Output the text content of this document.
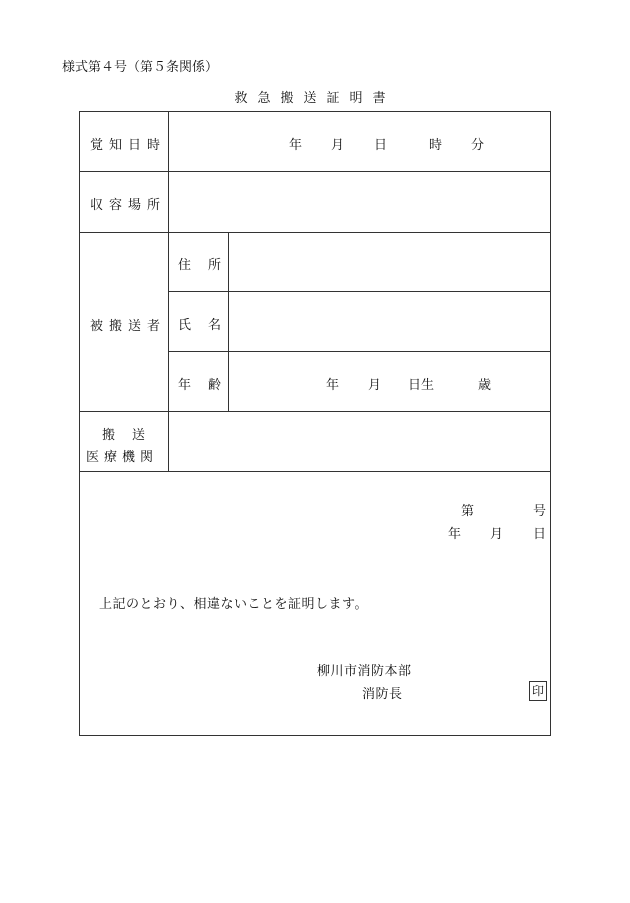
様式第４号（第５条関係）
救急搬送証明書
覚知日時	年 月 日	時 分
収容場所
被搬送者
住　所
氏　名
年　齢	年 月 日生	歳
搬　送
医療機関
第	号
年 月 日
上記のとおり、相違ないことを証明します。
柳川市消防本部
消防長	印
